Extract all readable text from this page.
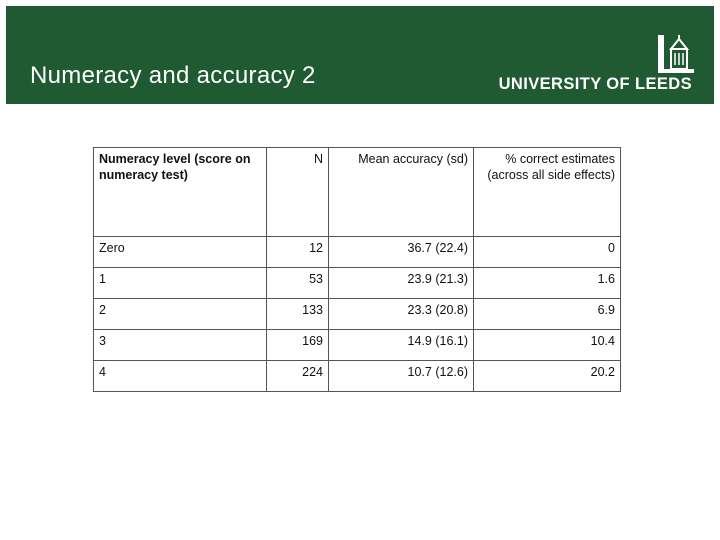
Numeracy and accuracy 2	UNIVERSITY OF LEEDS
Numeracy level (score on numeracy test)	N	Mean accuracy (sd)	% correct estimates (across all side effects)
Zero	12	36.7 (22.4)	0
1	53	23.9 (21.3)	1.6
2	133	23.3 (20.8)	6.9
3	169	14.9 (16.1)	10.4
4	224	10.7 (12.6)	20.2
